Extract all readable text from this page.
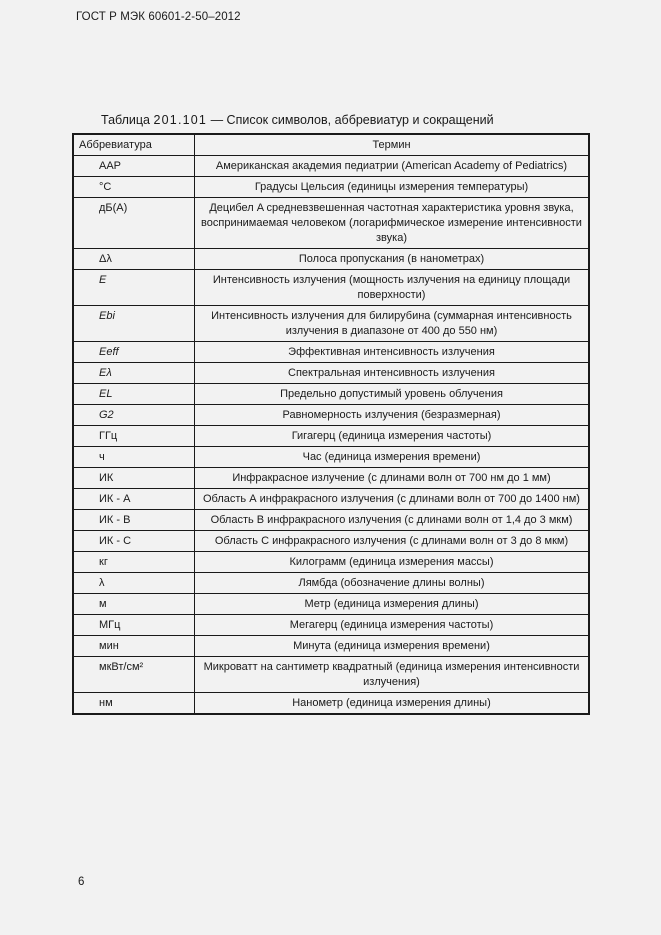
ГОСТ Р МЭК 60601-2-50–2012
Таблица 201.101 — Список символов, аббревиатур и сокращений
Аббревиатура	Термин
ААР	Американская академия педиатрии (American Academy of Pediatrics)
°C	Градусы Цельсия (единицы измерения температуры)
дБ(A)	Децибел A средневзвешенная частотная характеристика уровня звука, воспринимаемая человеком (логарифмическое измерение интенсивности звука)
Δλ	Полоса пропускания (в нанометрах)
E	Интенсивность излучения (мощность излучения на единицу площади поверхности)
Ebi	Интенсивность излучения для билирубина (суммарная интенсивность излучения в диапазоне от 400 до 550 нм)
Eeff	Эффективная интенсивность излучения
Eλ	Спектральная интенсивность излучения
EL	Предельно допустимый уровень облучения
G2	Равномерность излучения (безразмерная)
ГГц	Гигагерц (единица измерения частоты)
ч	Час (единица измерения времени)
ИК	Инфракрасное излучение (с длинами волн от 700 нм до 1 мм)
ИК - A	Область А инфракрасного излучения (с длинами волн от 700 до 1400 нм)
ИК - B	Область В инфракрасного излучения (с длинами волн от 1,4 до 3 мкм)
ИК - C	Область С инфракрасного излучения (с длинами волн от 3 до 8 мкм)
кг	Килограмм (единица измерения массы)
λ	Лямбда (обозначение длины волны)
м	Метр (единица измерения длины)
МГц	Мегагерц (единица измерения частоты)
мин	Минута (единица измерения времени)
мкВт/см²	Микроватт на сантиметр квадратный (единица измерения интенсивности излучения)
нм	Нанометр (единица измерения длины)
6
